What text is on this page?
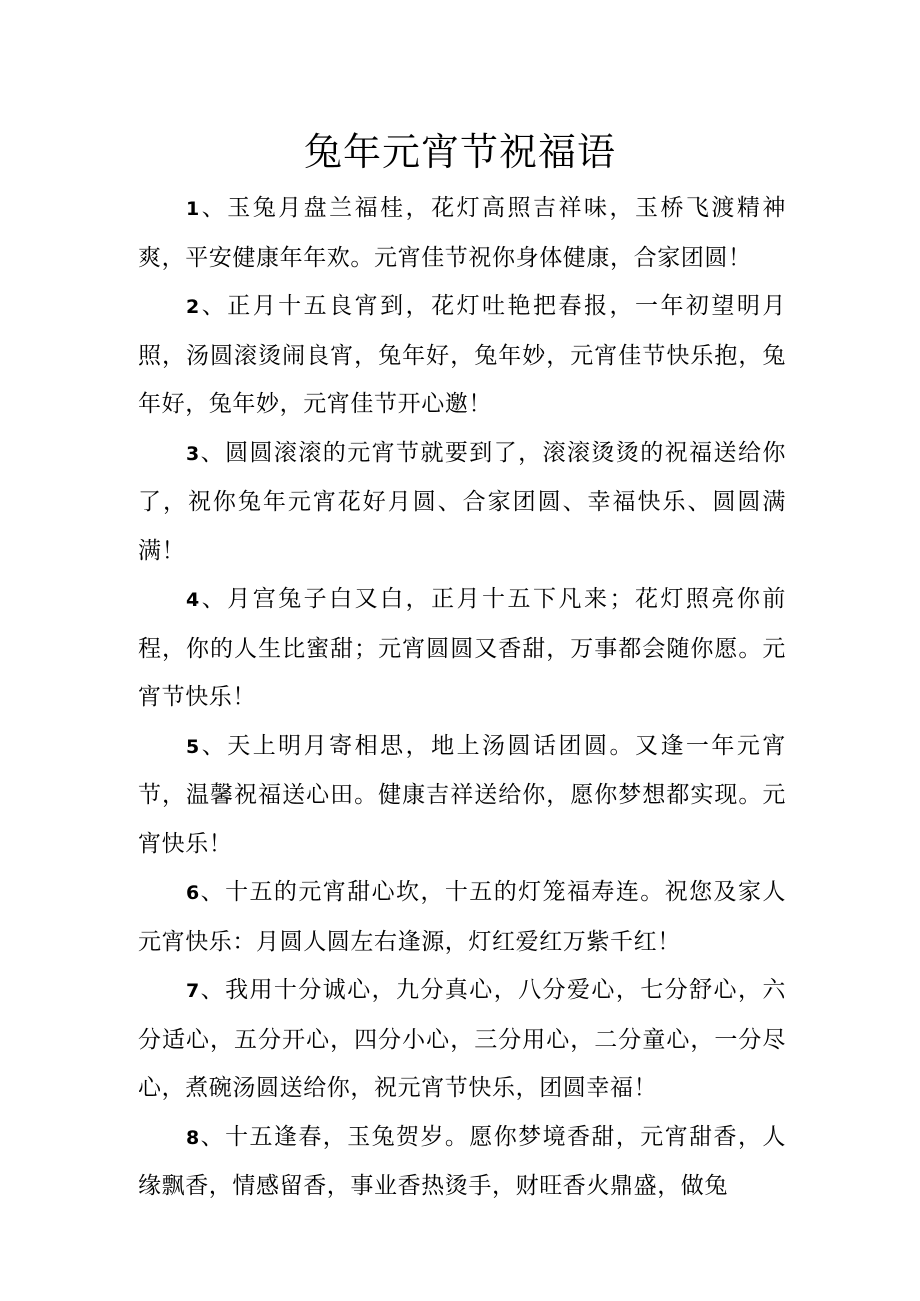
兔年元宵节祝福语

1、玉兔月盘兰福桂，花灯高照吉祥味，玉桥飞渡精神爽，平安健康年年欢。元宵佳节祝你身体健康，合家团圆！

2、正月十五良宵到，花灯吐艳把春报，一年初望明月照，汤圆滚烫闹良宵，兔年好，兔年妙，元宵佳节快乐抱，兔年好，兔年妙，元宵佳节开心邀！

3、圆圆滚滚的元宵节就要到了，滚滚烫烫的祝福送给你了，祝你兔年元宵花好月圆、合家团圆、幸福快乐、圆圆满满！

4、月宫兔子白又白，正月十五下凡来；花灯照亮你前程，你的人生比蜜甜；元宵圆圆又香甜，万事都会随你愿。元宵节快乐！

5、天上明月寄相思，地上汤圆话团圆。又逢一年元宵节，温馨祝福送心田。健康吉祥送给你，愿你梦想都实现。元宵快乐！

6、十五的元宵甜心坎，十五的灯笼福寿连。祝您及家人元宵快乐：月圆人圆左右逢源，灯红爱红万紫千红！

7、我用十分诚心，九分真心，八分爱心，七分舒心，六分适心，五分开心，四分小心，三分用心，二分童心，一分尽心，煮碗汤圆送给你，祝元宵节快乐，团圆幸福！

8、十五逢春，玉兔贺岁。愿你梦境香甜，元宵甜香，人缘飘香，情感留香，事业香热烫手，财旺香火鼎盛，做兔
